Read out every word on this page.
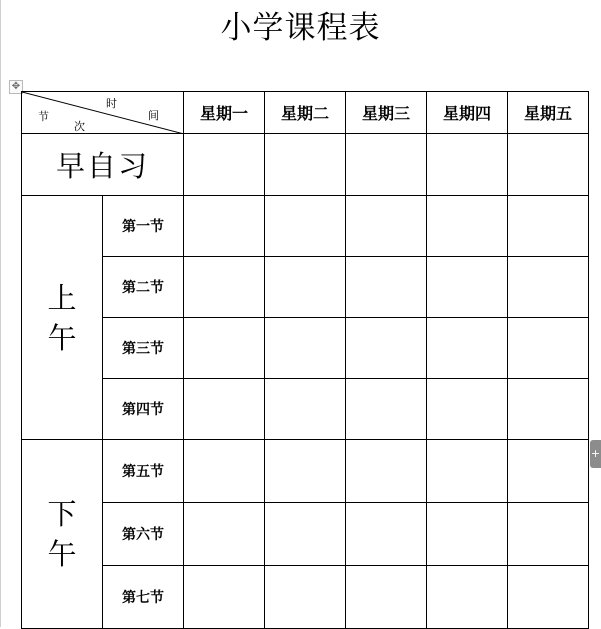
小学课程表
✥
+
时
间
节
次		星期一	星期二	星期三	星期四	星期五
早自习						

上
午	第一节					
	第二节					
	第三节					
	第四节					

下
午	第五节					
	第六节					
	第七节					
